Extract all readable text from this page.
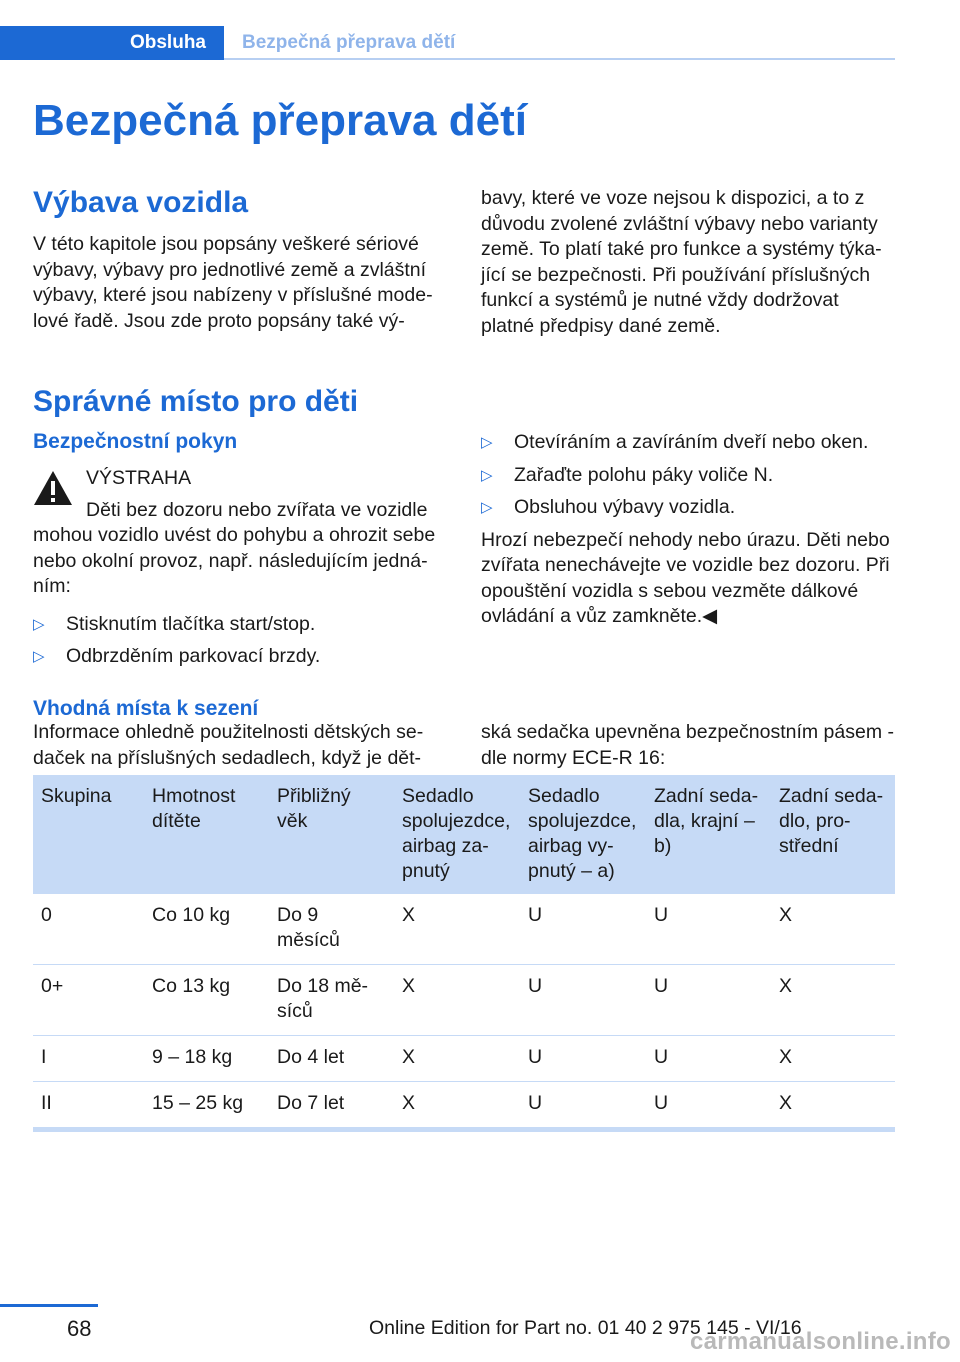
Obsluha Bezpečná přeprava dětí
Bezpečná přeprava dětí
Výbava vozidla

V této kapitole jsou popsány veškeré sériové výbavy, výbavy pro jednotlivé země a zvláštní výbavy, které jsou nabízeny v příslušné modelové řadě. Jsou zde proto popsány také vý‐

bavy, které ve voze nejsou k dispozici, a to z důvodu zvolené zvláštní výbavy nebo varianty země. To platí také pro funkce a systémy týkající se bezpečnosti. Při používání příslušných funkcí a systémů je nutné vždy dodržovat platné předpisy dané země.

Správné místo pro děti
Bezpečnostní pokyn

VÝSTRAHA

Děti bez dozoru nebo zvířata ve vozidle mohou vozidlo uvést do pohybu a ohrozit sebe nebo okolní provoz, např. následujícím jednáním:

▷ Stisknutím tlačítka start/stop.
▷ Odbrzděním parkovací brzdy.
▷ Otevíráním a zavíráním dveří nebo oken.
▷ Zařaďte polohu páky voliče N.
▷ Obsluhou výbavy vozidla.

Hrozí nebezpečí nehody nebo úrazu. Děti nebo zvířata nenechávejte ve vozidle bez dozoru. Při opouštění vozidla s sebou vezměte dálkové ovládání a vůz zamkněte.◀

Vhodná místa k sezení

Informace ohledně použitelnosti dětských sedaček na příslušných sedadlech, když je dět‐

ská sedačka upevněna bezpečnostním pásem - dle normy ECE-R 16:

Skupina	Hmotnost dítěte	Přibližný věk	Sedadlo spolujezdce, airbag zapnutý	Sedadlo spolujezdce, airbag vypnutý – a)	Zadní sedadla, krajní – b)	Zadní sedadlo, prostřední
0	Co 10 kg	Do 9 měsíců	X	U	U	X
0+	Co 13 kg	Do 18 měsíců	X	U	U	X
I	9 – 18 kg	Do 4 let	X	U	U	X
II	15 – 25 kg	Do 7 let	X	U	U	X
68	Online Edition for Part no. 01 40 2 975 145 - VI/16
carmanualsonline.info
